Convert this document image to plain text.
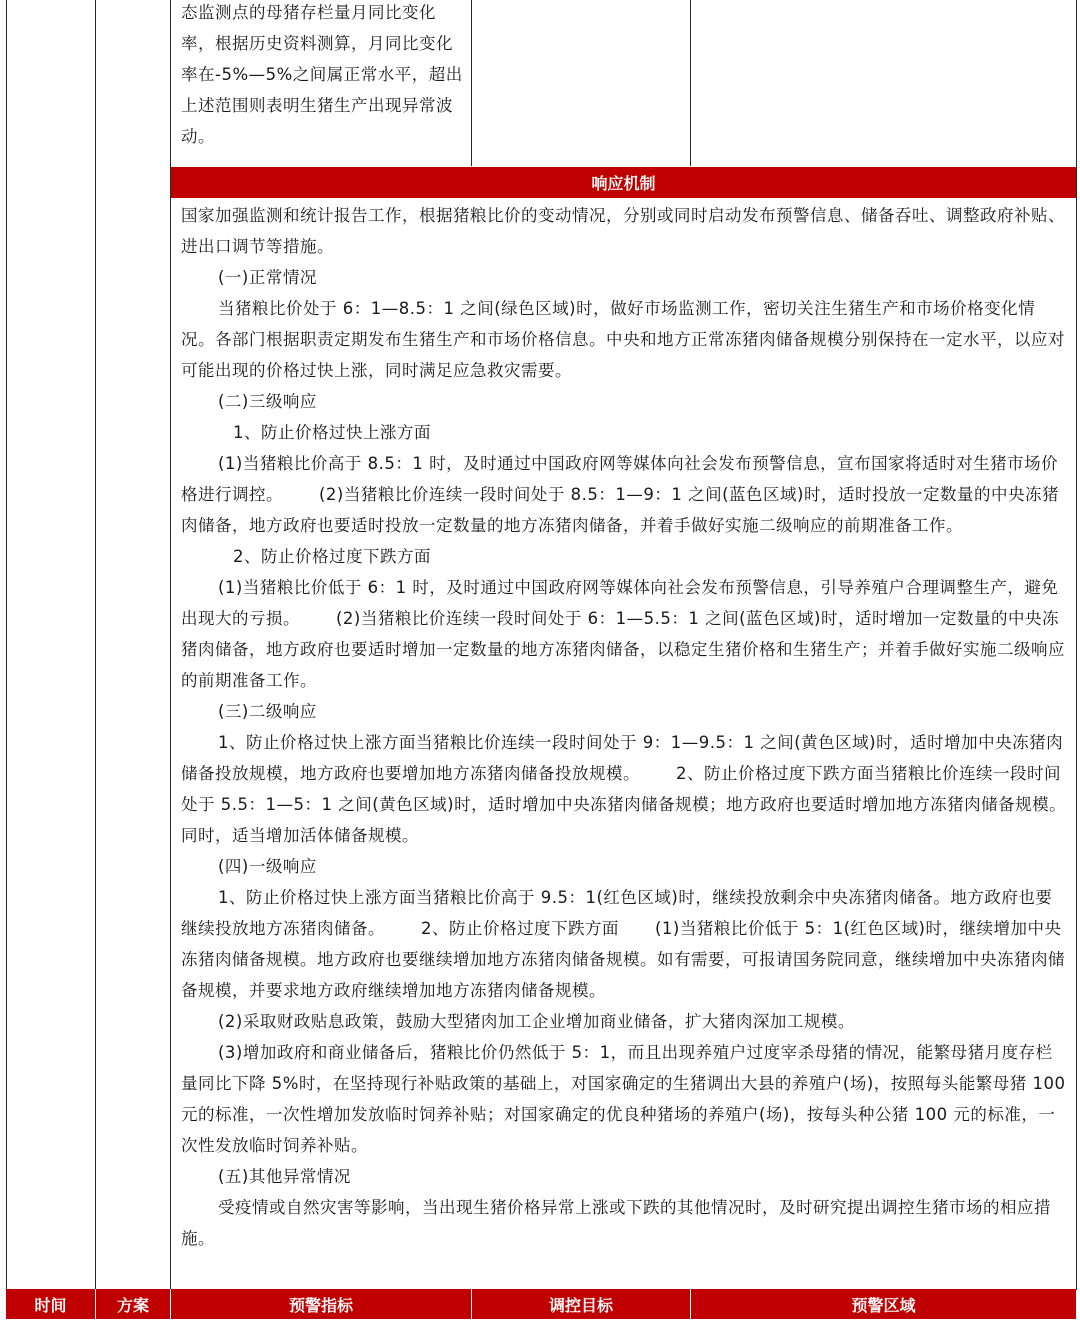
态监测点的母猪存栏量月同比变化率，根据历史资料测算，月同比变化率在-5%—5%之间属正常水平，超出上述范围则表明生猪生产出现异常波动。

响应机制

国家加强监测和统计报告工作，根据猪粮比价的变动情况，分别或同时启动发布预警信息、储备吞吐、调整政府补贴、进出口调节等措施。

(一)正常情况

当猪粮比价处于 6：1—8.5：1 之间(绿色区域)时，做好市场监测工作，密切关注生猪生产和市场价格变化情况。各部门根据职责定期发布生猪生产和市场价格信息。中央和地方正常冻猪肉储备规模分别保持在一定水平，以应对可能出现的价格过快上涨，同时满足应急救灾需要。

(二)三级响应

1、防止价格过快上涨方面

(1)当猪粮比价高于 8.5：1 时，及时通过中国政府网等媒体向社会发布预警信息，宣布国家将适时对生猪市场价格进行调控。 (2)当猪粮比价连续一段时间处于 8.5：1—9：1 之间(蓝色区域)时，适时投放一定数量的中央冻猪肉储备，地方政府也要适时投放一定数量的地方冻猪肉储备，并着手做好实施二级响应的前期准备工作。

2、防止价格过度下跌方面

(1)当猪粮比价低于 6：1 时，及时通过中国政府网等媒体向社会发布预警信息，引导养殖户合理调整生产，避免出现大的亏损。 (2)当猪粮比价连续一段时间处于 6：1—5.5：1 之间(蓝色区域)时，适时增加一定数量的中央冻猪肉储备，地方政府也要适时增加一定数量的地方冻猪肉储备，以稳定生猪价格和生猪生产；并着手做好实施二级响应的前期准备工作。

(三)二级响应

1、防止价格过快上涨方面当猪粮比价连续一段时间处于 9：1—9.5：1 之间(黄色区域)时，适时增加中央冻猪肉储备投放规模，地方政府也要增加地方冻猪肉储备投放规模。 2、防止价格过度下跌方面当猪粮比价连续一段时间处于 5.5：1—5：1 之间(黄色区域)时，适时增加中央冻猪肉储备规模；地方政府也要适时增加地方冻猪肉储备规模。同时，适当增加活体储备规模。

(四)一级响应

1、防止价格过快上涨方面当猪粮比价高于 9.5：1(红色区域)时，继续投放剩余中央冻猪肉储备。地方政府也要继续投放地方冻猪肉储备。 2、防止价格过度下跌方面 (1)当猪粮比价低于 5：1(红色区域)时，继续增加中央冻猪肉储备规模。地方政府也要继续增加地方冻猪肉储备规模。如有需要，可报请国务院同意，继续增加中央冻猪肉储备规模，并要求地方政府继续增加地方冻猪肉储备规模。

(2)采取财政贴息政策，鼓励大型猪肉加工企业增加商业储备，扩大猪肉深加工规模。

(3)增加政府和商业储备后，猪粮比价仍然低于 5：1，而且出现养殖户过度宰杀母猪的情况，能繁母猪月度存栏量同比下降 5%时，在坚持现行补贴政策的基础上，对国家确定的生猪调出大县的养殖户(场)，按照每头能繁母猪 100 元的标准，一次性增加发放临时饲养补贴；对国家确定的优良种猪场的养殖户(场)，按每头种公猪 100 元的标准，一次性发放临时饲养补贴。

(五)其他异常情况

受疫情或自然灾害等影响，当出现生猪价格异常上涨或下跌的其他情况时，及时研究提出调控生猪市场的相应措施。

时间	方案	预警指标	调控目标	预警区域
